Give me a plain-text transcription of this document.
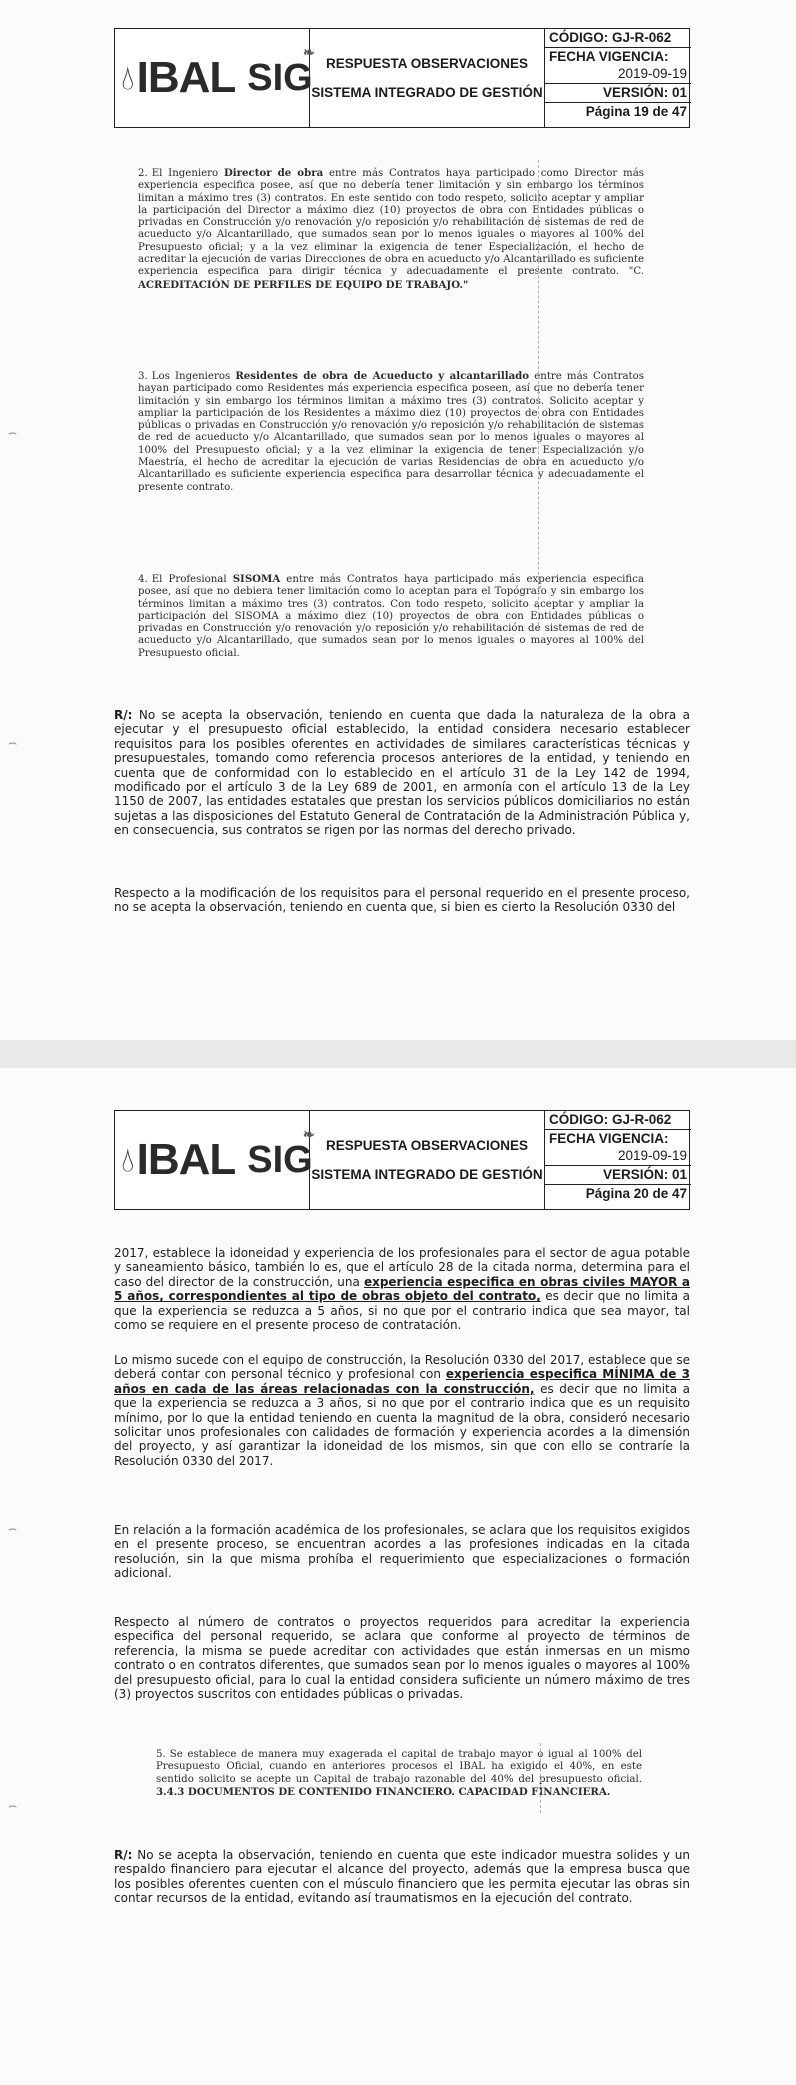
💧︎ IBAL SIG
❧
RESPUESTA OBSERVACIONES
SISTEMA INTEGRADO DE GESTIÓN
CÓDIGO: GJ-R-062
FECHA VIGENCIA:
2019-09-19
VERSIÓN: 01
Página 19 de 47
2. El Ingeniero Director de obra entre más Contratos haya participado como Director más experiencia especifica posee, así que no debería tener limitación y sin embargo los términos limitan a máximo tres (3) contratos. En este sentido con todo respeto, solicito aceptar y ampliar la participación del Director a máximo diez (10) proyectos de obra con Entidades públicas o privadas en Construcción y/o renovación y/o reposición y/o rehabilitación de sistemas de red de acueducto y/o Alcantarillado, que sumados sean por lo menos iguales o mayores al 100% del Presupuesto oficial; y a la vez eliminar la exigencia de tener Especialización, el hecho de acreditar la ejecución de varias Direcciones de obra en acueducto y/o Alcantarillado es suficiente experiencia especifica para dirigir técnica y adecuadamente el presente contrato. "C. ACREDITACIÓN DE PERFILES DE EQUIPO DE TRABAJO."
3. Los Ingenieros Residentes de obra de Acueducto y alcantarillado entre más Contratos hayan participado como Residentes más experiencia especifica poseen, así que no debería tener limitación y sin embargo los términos limitan a máximo tres (3) contratos. Solicito aceptar y ampliar la participación de los Residentes a máximo diez (10) proyectos de obra con Entidades públicas o privadas en Construcción y/o renovación y/o reposición y/o rehabilitación de sistemas de red de acueducto y/o Alcantarillado, que sumados sean por lo menos iguales o mayores al 100% del Presupuesto oficial; y a la vez eliminar la exigencia de tener Especialización y/o Maestría, el hecho de acreditar la ejecución de varias Residencias de obra en acueducto y/o Alcantarillado es suficiente experiencia especifica para desarrollar técnica y adecuadamente el presente contrato.
4. El Profesional SISOMA entre más Contratos haya participado más experiencia especifica posee, así que no debiera tener limitación como lo aceptan para el Topógrafo y sin embargo los términos limitan a máximo tres (3) contratos. Con todo respeto, solicito aceptar y ampliar la participación del SISOMA a máximo diez (10) proyectos de obra con Entidades públicas o privadas en Construcción y/o renovación y/o reposición y/o rehabilitación de sistemas de red de acueducto y/o Alcantarillado, que sumados sean por lo menos iguales o mayores al 100% del Presupuesto oficial.
R/: No se acepta la observación, teniendo en cuenta que dada la naturaleza de la obra a ejecutar y el presupuesto oficial establecido, la entidad considera necesario establecer requisitos para los posibles oferentes en actividades de similares características técnicas y presupuestales, tomando como referencia procesos anteriores de la entidad, y teniendo en cuenta que de conformidad con lo establecido en el artículo 31 de la Ley 142 de 1994, modificado por el artículo 3 de la Ley 689 de 2001, en armonía con el artículo 13 de la Ley 1150 de 2007, las entidades estatales que prestan los servicios públicos domiciliarios no están sujetas a las disposiciones del Estatuto General de Contratación de la Administración Pública y, en consecuencia, sus contratos se rigen por las normas del derecho privado.
Respecto a la modificación de los requisitos para el personal requerido en el presente proceso, no se acepta la observación, teniendo en cuenta que, si bien es cierto la Resolución 0330 del
⌢
⌢
💧︎ IBAL SIG
❧
RESPUESTA OBSERVACIONES
SISTEMA INTEGRADO DE GESTIÓN
CÓDIGO: GJ-R-062
FECHA VIGENCIA:
2019-09-19
VERSIÓN: 01
Página 20 de 47
2017, establece la idoneidad y experiencia de los profesionales para el sector de agua potable y saneamiento básico, también lo es, que el artículo 28 de la citada norma, determina para el caso del director de la construcción, una experiencia especifica en obras civiles MAYOR a 5 años, correspondientes al tipo de obras objeto del contrato, es decir que no limita a que la experiencia se reduzca a 5 años, si no que por el contrario indica que sea mayor, tal como se requiere en el presente proceso de contratación.
Lo mismo sucede con el equipo de construcción, la Resolución 0330 del 2017, establece que se deberá contar con personal técnico y profesional con experiencia especifica MÍNIMA de 3 años en cada de las áreas relacionadas con la construcción, es decir que no limita a que la experiencia se reduzca a 3 años, si no que por el contrario indica que es un requisito mínimo, por lo que la entidad teniendo en cuenta la magnitud de la obra, consideró necesario solicitar unos profesionales con calidades de formación y experiencia acordes a la dimensión del proyecto, y así garantizar la idoneidad de los mismos, sin que con ello se contraríe la Resolución 0330 del 2017.
En relación a la formación académica de los profesionales, se aclara que los requisitos exigidos en el presente proceso, se encuentran acordes a las profesiones indicadas en la citada resolución, sin la que misma prohíba el requerimiento que especializaciones o formación adicional.
Respecto al número de contratos o proyectos requeridos para acreditar la experiencia especifica del personal requerido, se aclara que conforme al proyecto de términos de referencia, la misma se puede acreditar con actividades que están inmersas en un mismo contrato o en contratos diferentes, que sumados sean por lo menos iguales o mayores al 100% del presupuesto oficial, para lo cual la entidad considera suficiente un número máximo de tres (3) proyectos suscritos con entidades públicas o privadas.
5. Se establece de manera muy exagerada el capital de trabajo mayor o igual al 100% del Presupuesto Oficial, cuando en anteriores procesos el IBAL ha exigido el 40%, en este sentido solicito se acepte un Capital de trabajo razonable del 40% del presupuesto oficial. 3.4.3 DOCUMENTOS DE CONTENIDO FINANCIERO. CAPACIDAD FINANCIERA.
R/: No se acepta la observación, teniendo en cuenta que este indicador muestra solides y un respaldo financiero para ejecutar el alcance del proyecto, además que la empresa busca que los posibles oferentes cuenten con el músculo financiero que les permita ejecutar las obras sin contar recursos de la entidad, evitando así traumatismos en la ejecución del contrato.
⌢
⌢
